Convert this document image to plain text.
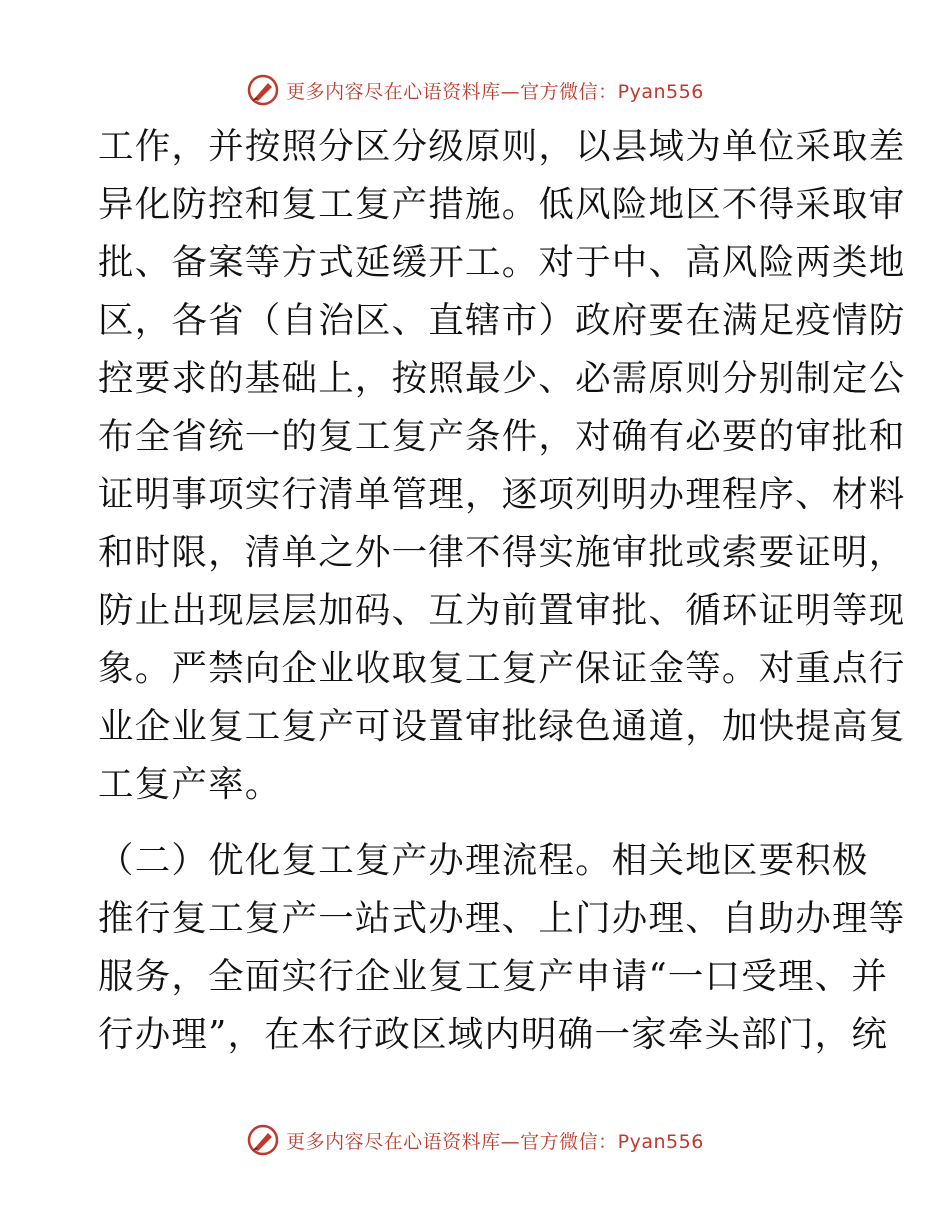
更多内容尽在心语资料库—官方微信：Pyan556
工作，并按照分区分级原则，以县域为单位采取差
异化防控和复工复产措施。低风险地区不得采取审
批、备案等方式延缓开工。对于中、高风险两类地
区，各省（自治区、直辖市）政府要在满足疫情防
控要求的基础上，按照最少、必需原则分别制定公
布全省统一的复工复产条件，对确有必要的审批和
证明事项实行清单管理，逐项列明办理程序、材料
和时限，清单之外一律不得实施审批或索要证明，
防止出现层层加码、互为前置审批、循环证明等现
象。严禁向企业收取复工复产保证金等。对重点行
业企业复工复产可设置审批绿色通道，加快提高复
工复产率。
（二）优化复工复产办理流程。相关地区要积极
推行复工复产一站式办理、上门办理、自助办理等
服务，全面实行企业复工复产申请“一口受理、并
行办理”，在本行政区域内明确一家牵头部门，统
更多内容尽在心语资料库—官方微信：Pyan556
